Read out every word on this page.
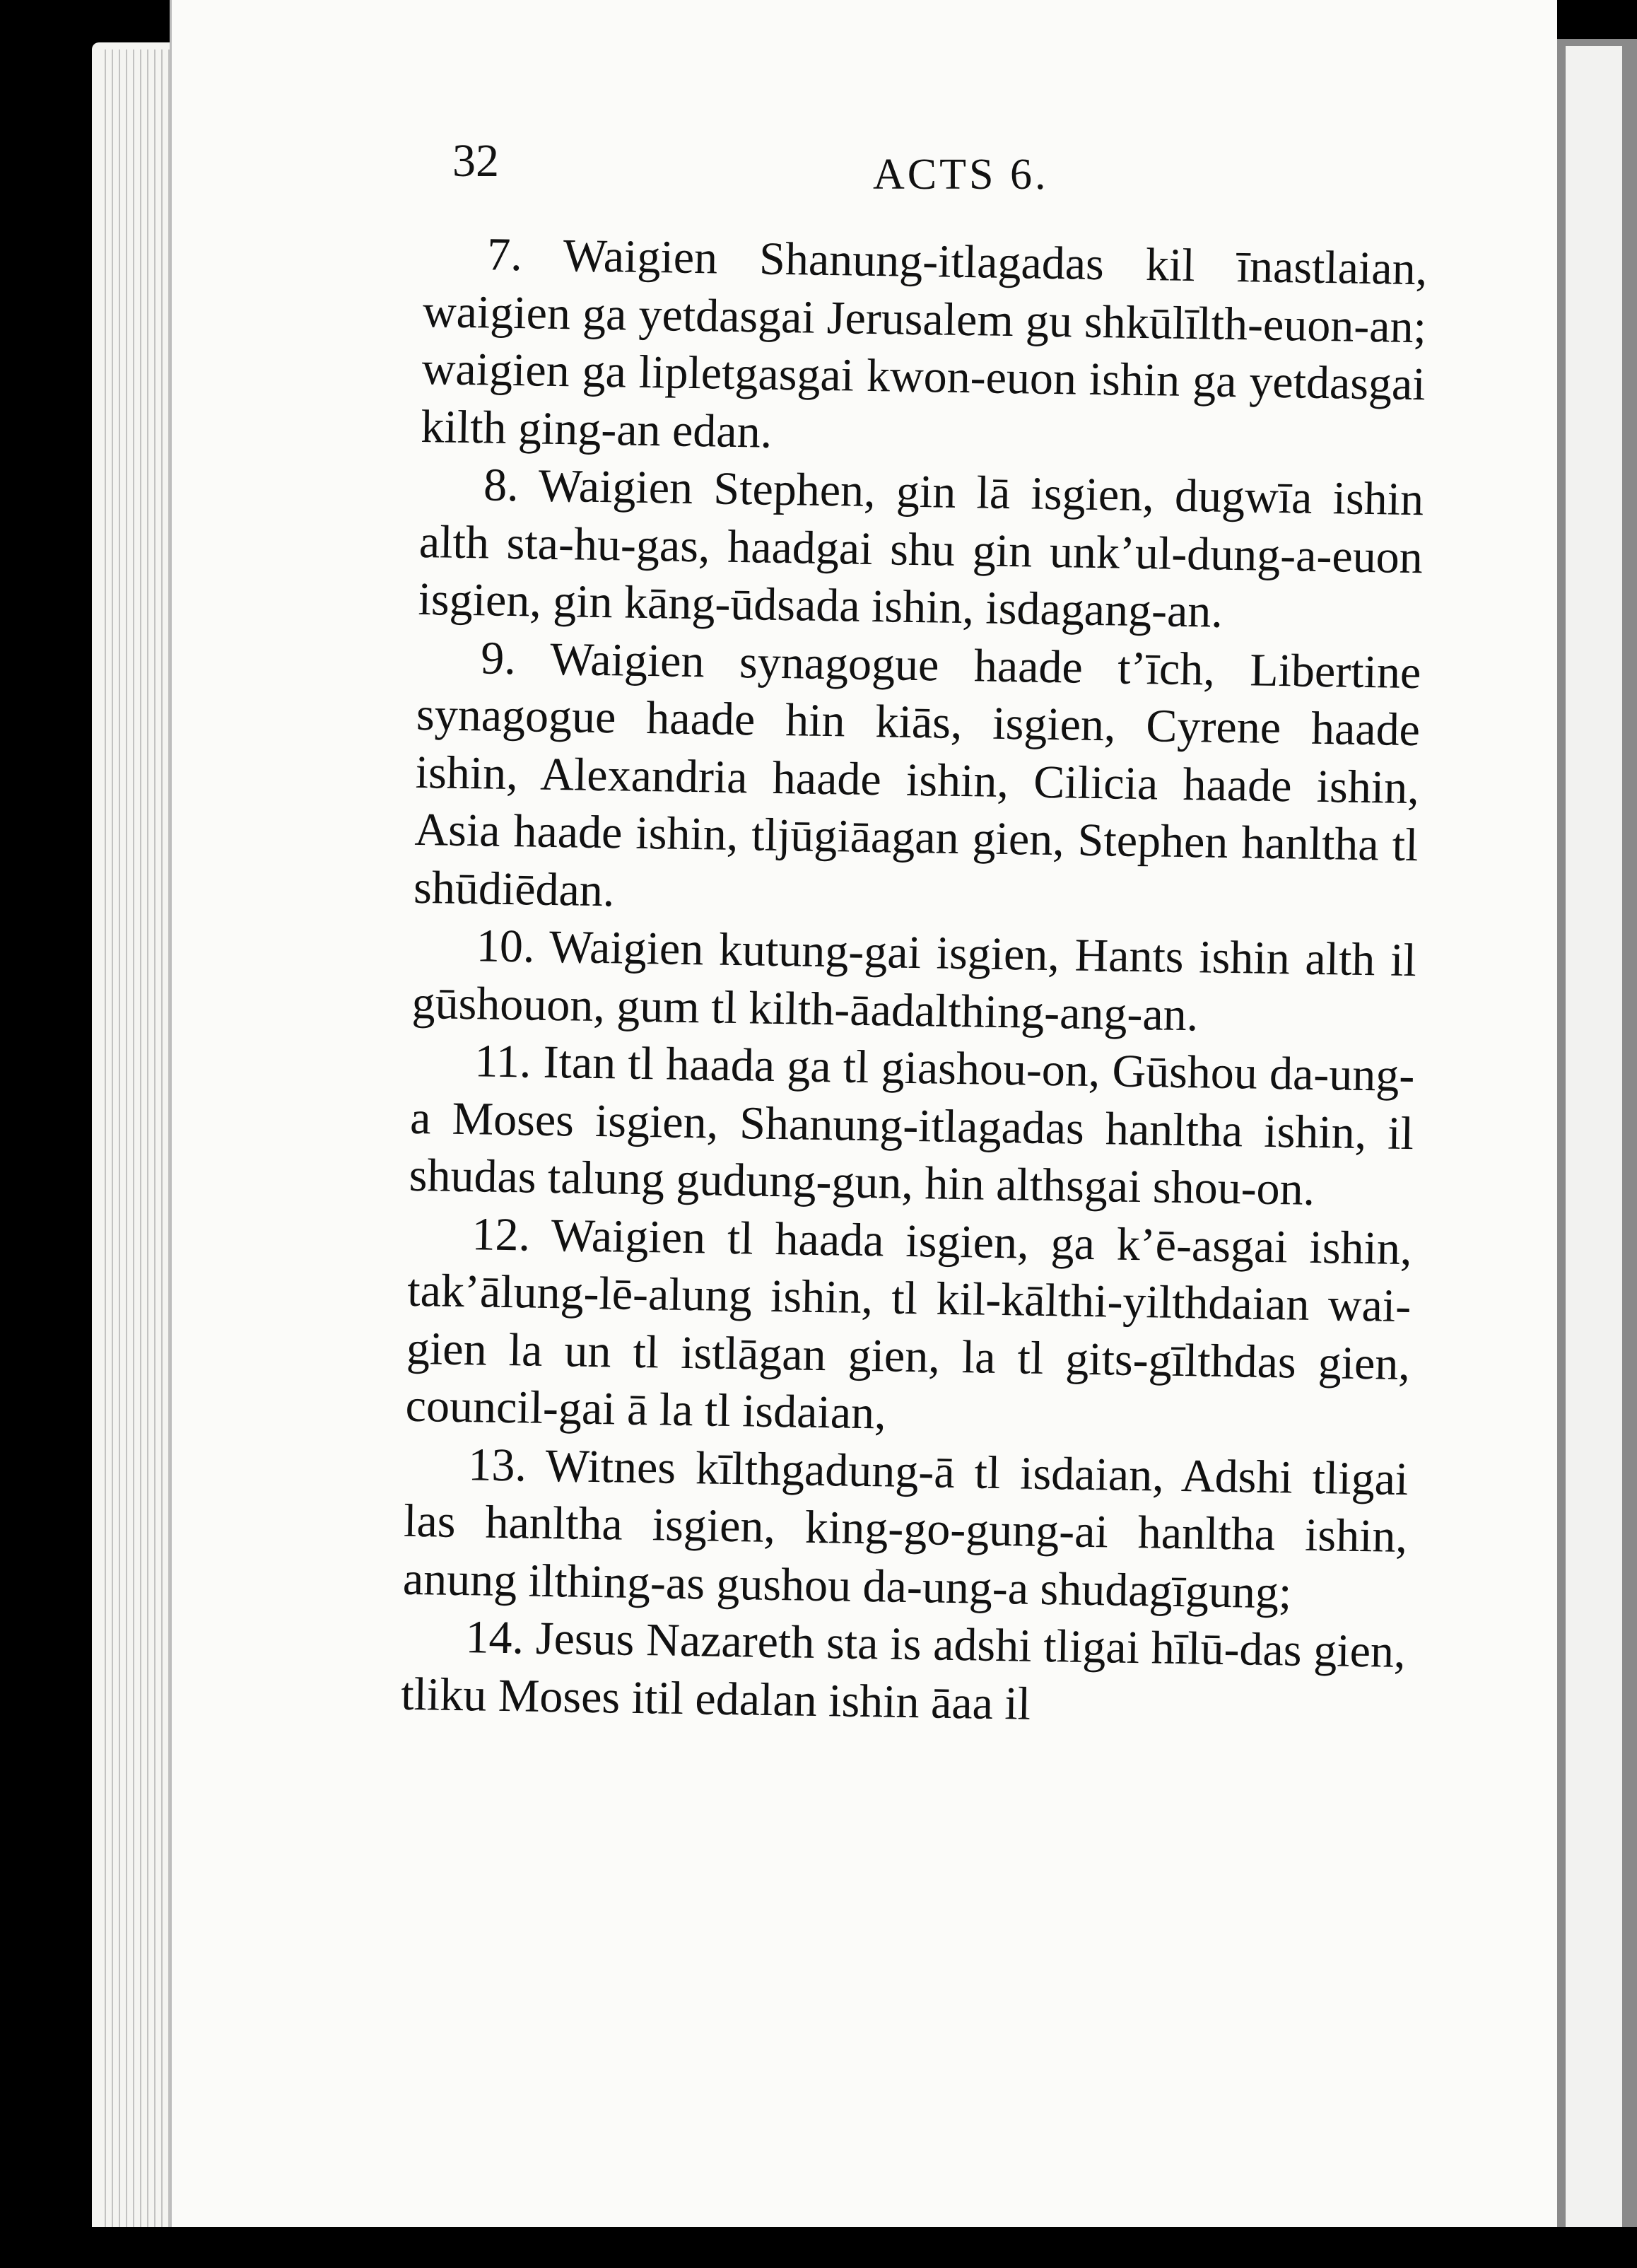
32	ACTS 6.

7. Waigien Shanung-itlagadas kil īnastlaian, waigien ga yetdasgai Jerusalem gu shkūlīlth-euon-an; waigien ga lipletgasgai kwon-euon ishin ga yetdasgai kilth ging-an edan.

8. Waigien Stephen, gin lā isgien, dugwīa ishin alth sta-hu-gas, haadgai shu gin unk’ul-dung-a-euon isgien, gin kāng-ūdsada ishin, isdagang-an.

9. Waigien synagogue haade t’īch, Libertine synagogue haade hin kiās, isgien, Cyrene haade ishin, Alexandria haade ishin, Cilicia haade ishin, Asia haade ishin, tljūgiāagan gien, Stephen hanltha tl shūdiēdan.

10. Waigien kutung-gai isgien, Hants ishin alth il gūshouon, gum tl kilth-āadalthing-ang-an.

11. Itan tl haada ga tl giashou-on, Gūshou da-ung-a Moses isgien, Shanung-itlagadas hanltha ishin, il shudas talung gudung-gun, hin althsgai shou-on.

12. Waigien tl haada isgien, ga k’ē-asgai ishin, tak’ālung-lē-alung ishin, tl kil-kālthi-yilthdaian wai-gien la un tl istlāgan gien, la tl gits-gīlthdas gien, council-gai ā la tl isdaian,

13. Witnes kīlthgadung-ā tl isdaian, Adshi tligai las hanltha isgien, king-go-gung-ai hanltha ishin, anung ilthing-as gushou da-ung-a shudagīgung;

14. Jesus Nazareth sta is adshi tligai hīlū-das gien, tliku Moses itil edalan ishin āaa il
